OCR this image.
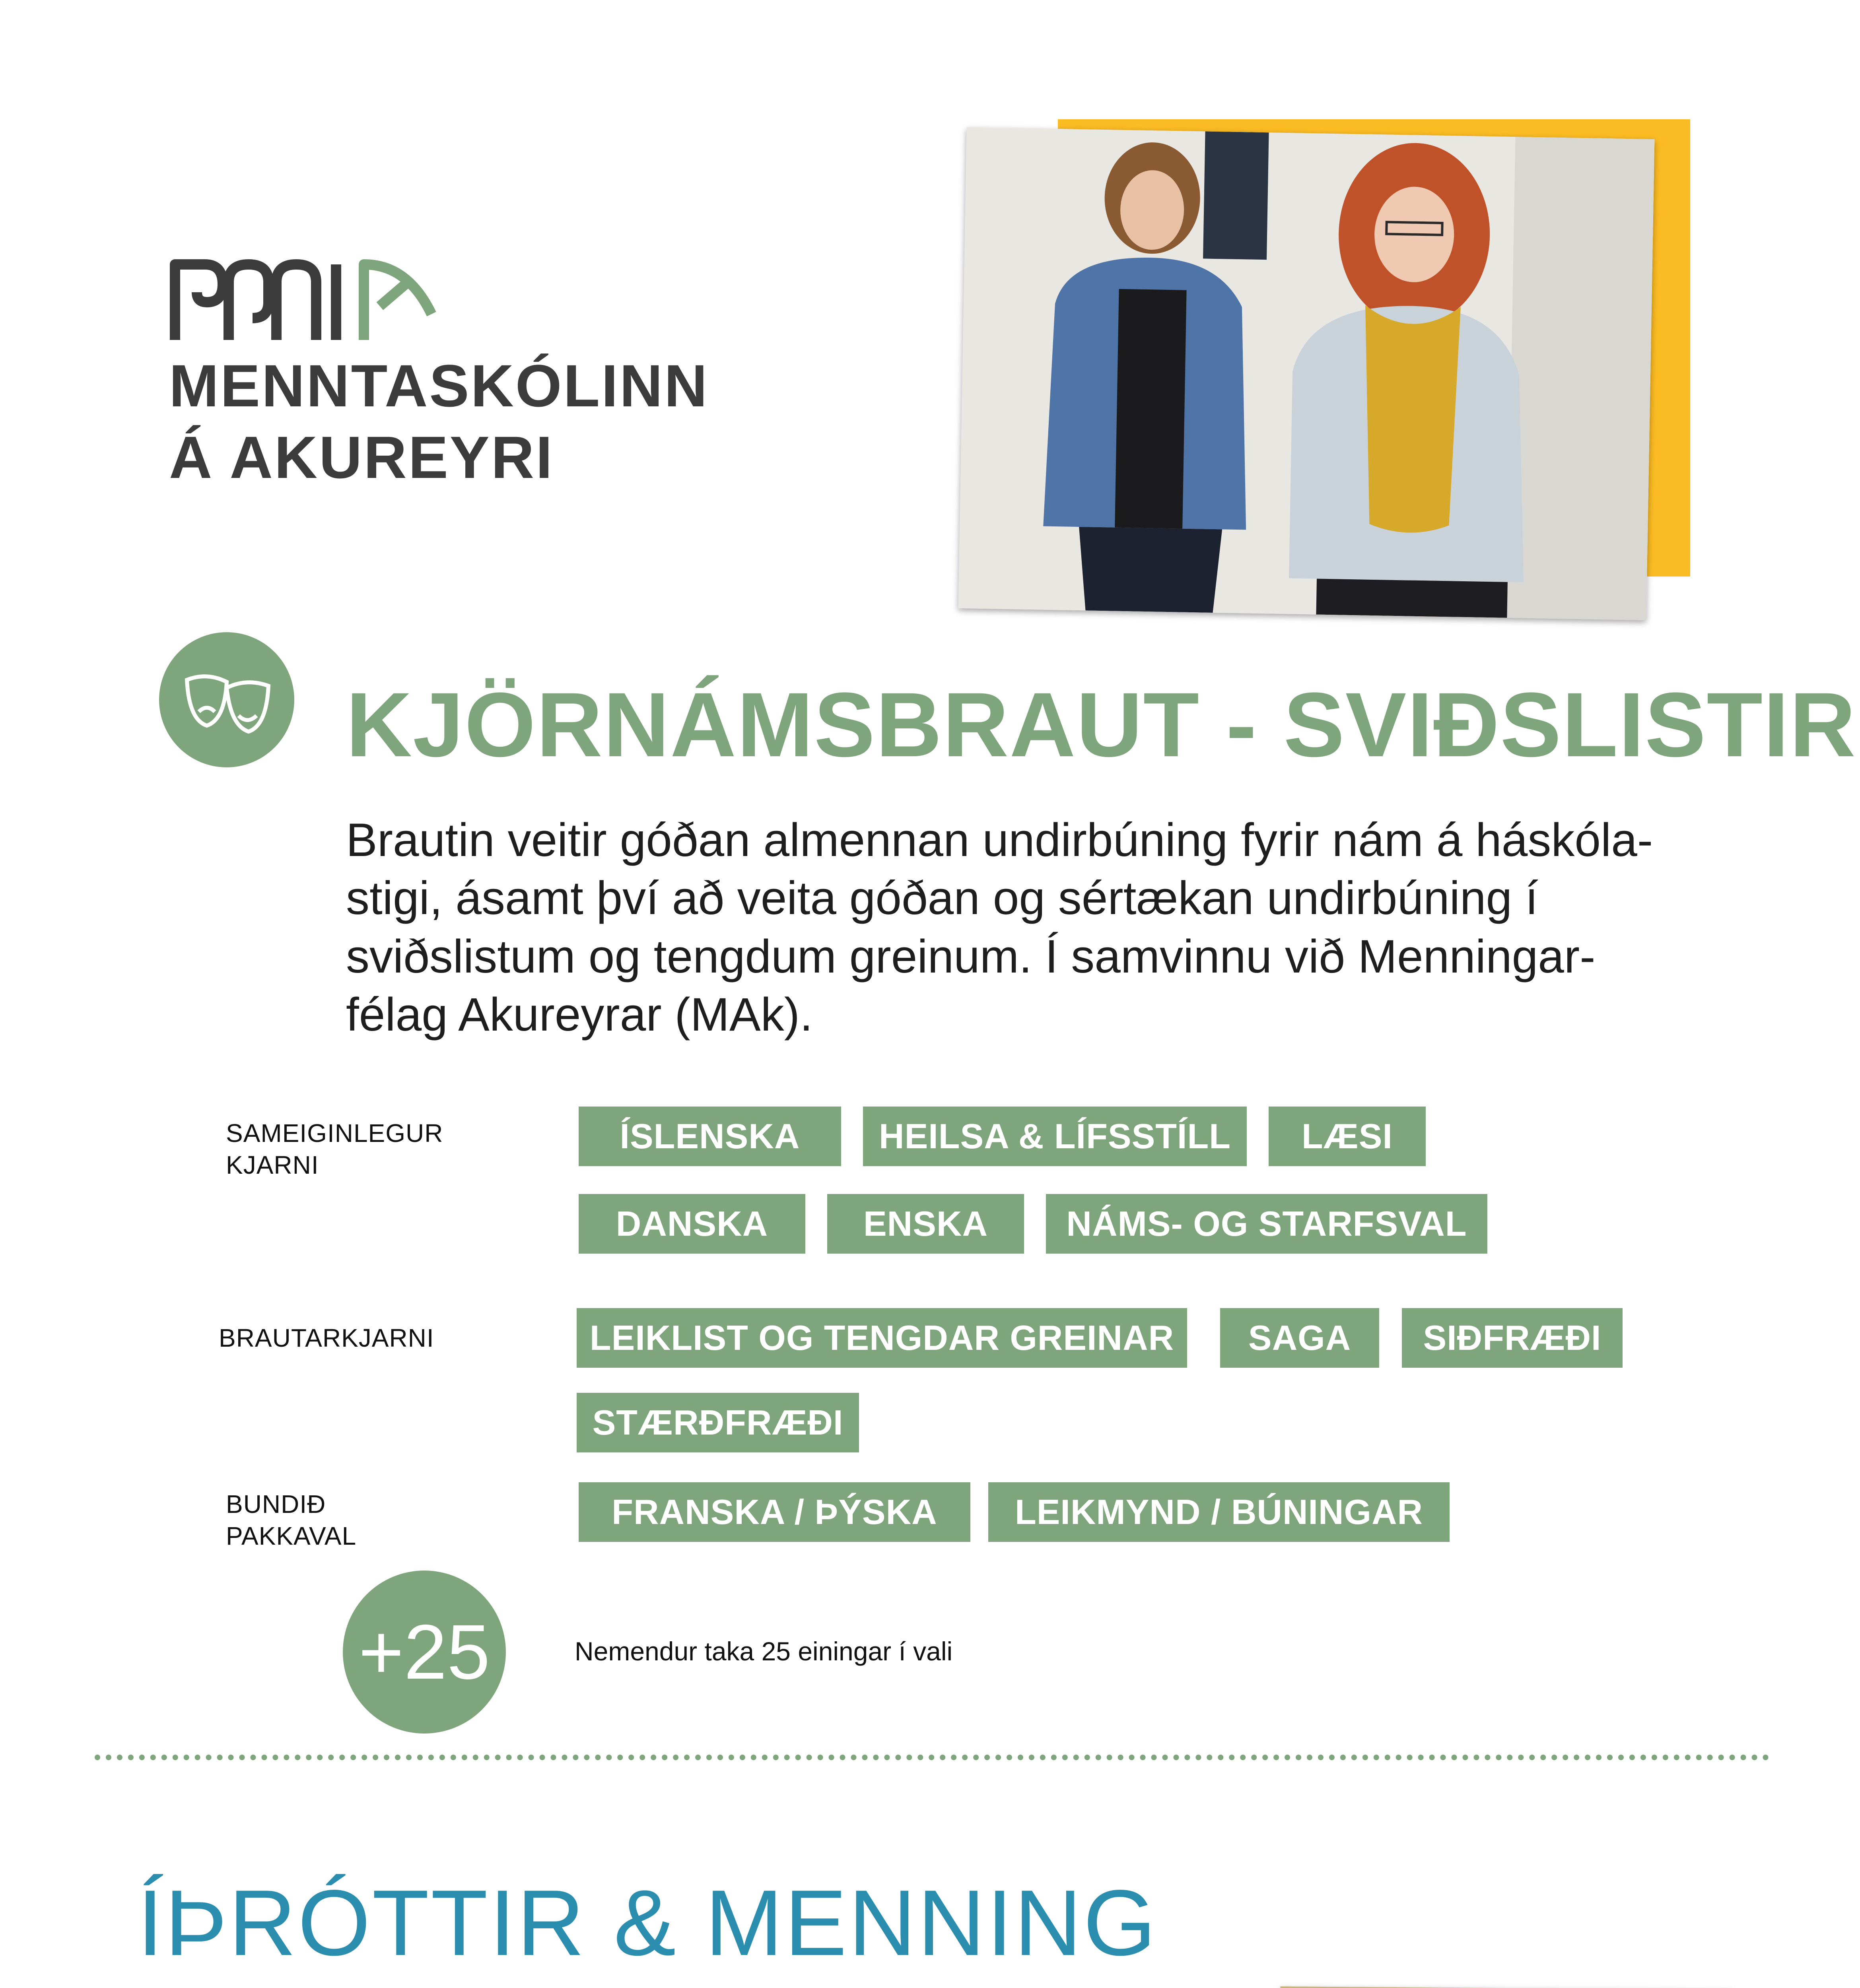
MENNTASKÓLINN
Á AKUREYRI
KJÖRNÁMSBRAUT - SVIÐSLISTIR
Brautin veitir góðan almennan undirbúning fyrir nám á háskóla-
stigi, ásamt því að veita góðan og sértækan undirbúning í
sviðslistum og tengdum greinum. Í samvinnu við Menningar-
félag Akureyrar (MAk).
SAMEIGINLEGUR
KJARNI
ÍSLENSKA	HEILSA & LÍFSSTÍLL	LÆSI
DANSKA	ENSKA	NÁMS- OG STARFSVAL
BRAUTARKJARNI	LEIKLIST OG TENGDAR GREINAR	SAGA	SIÐFRÆÐI
STÆRÐFRÆÐI
BUNDIÐ
PAKKAVAL
FRANSKA / ÞÝSKA	LEIKMYND / BÚNINGAR
+25	Nemendur taka 25 einingar í vali
ÍÞRÓTTIR & MENNING
